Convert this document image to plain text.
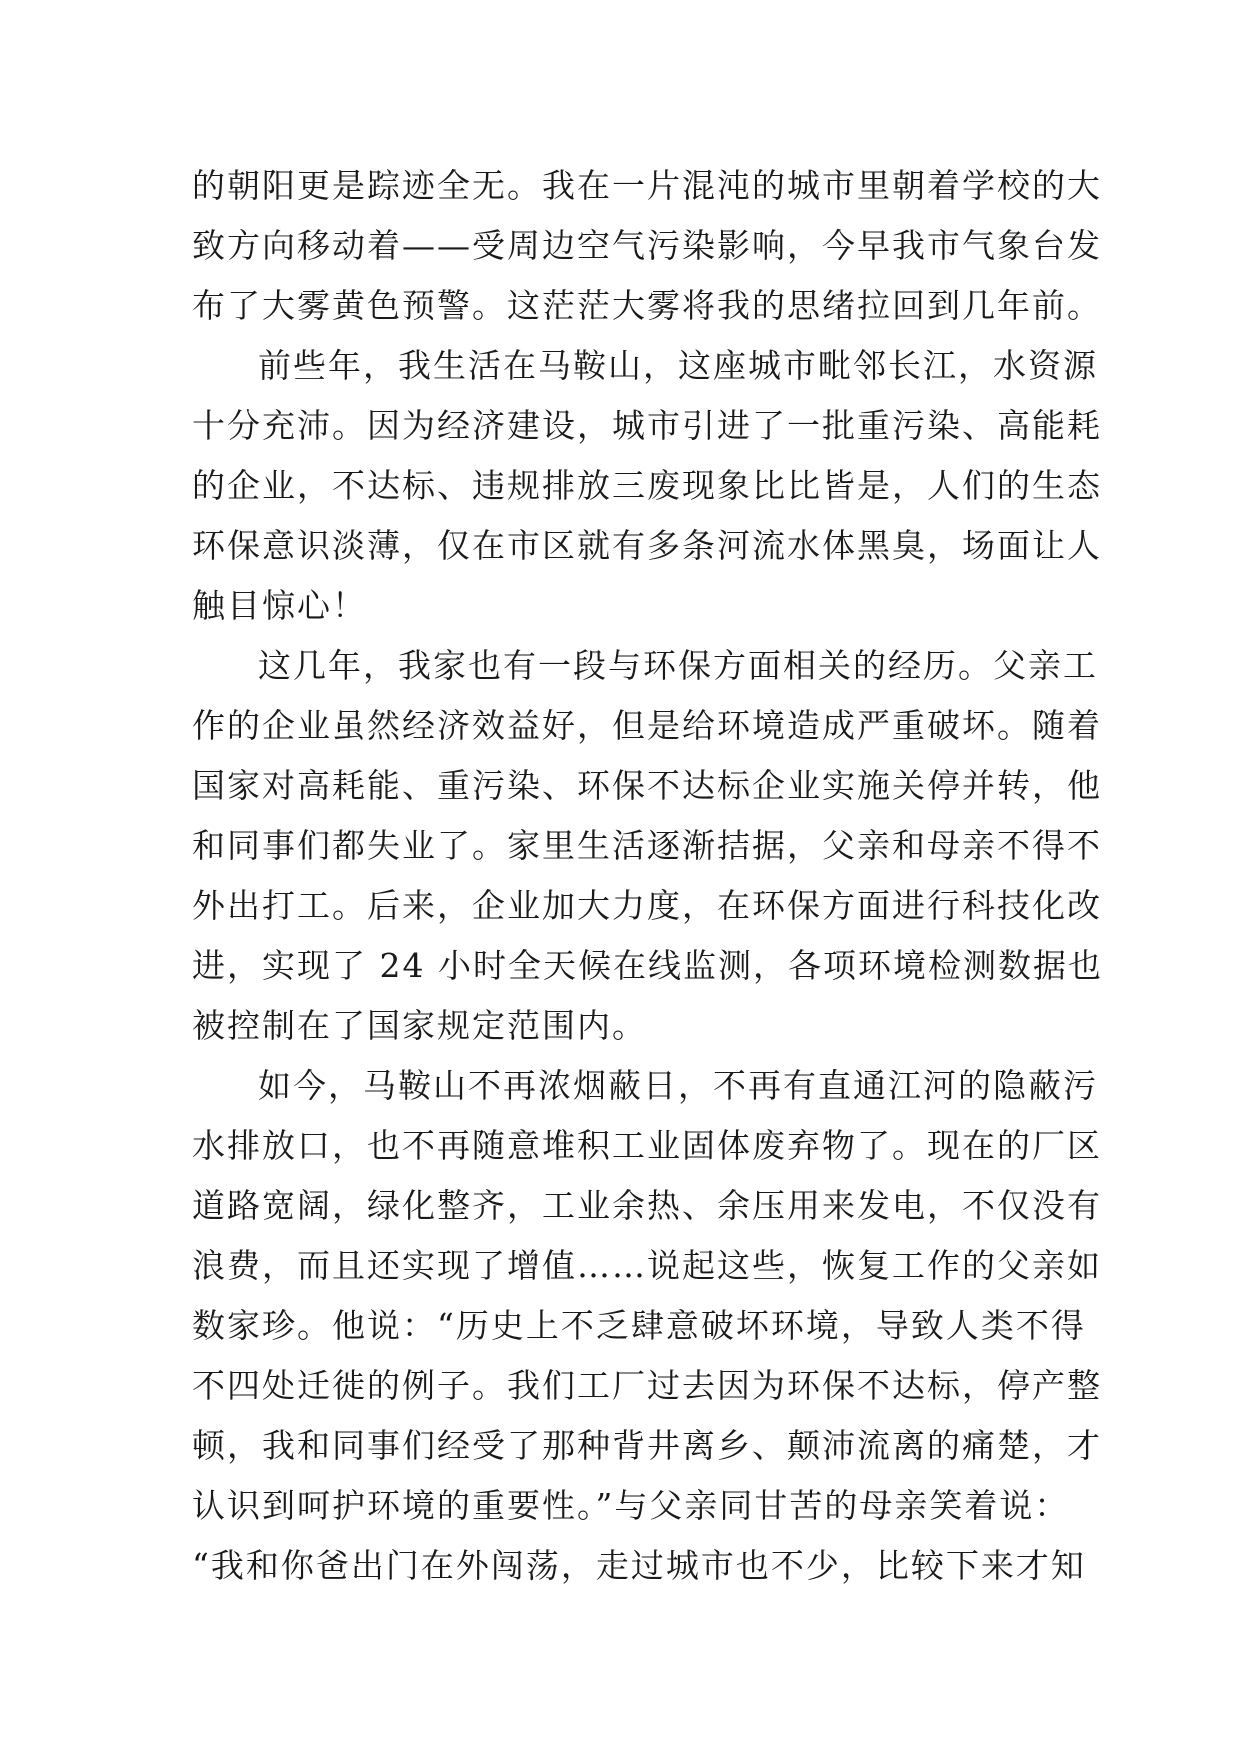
的朝阳更是踪迹全无。我在一片混沌的城市里朝着学校的大
致方向移动着——受周边空气污染影响，今早我市气象台发
布了大雾黄色预警。这茫茫大雾将我的思绪拉回到几年前。
前些年，我生活在马鞍山，这座城市毗邻长江，水资源
十分充沛。因为经济建设，城市引进了一批重污染、高能耗
的企业，不达标、违规排放三废现象比比皆是，人们的生态
环保意识淡薄，仅在市区就有多条河流水体黑臭，场面让人
触目惊心！
这几年，我家也有一段与环保方面相关的经历。父亲工
作的企业虽然经济效益好，但是给环境造成严重破坏。随着
国家对高耗能、重污染、环保不达标企业实施关停并转，他
和同事们都失业了。家里生活逐渐拮据，父亲和母亲不得不
外出打工。后来，企业加大力度，在环保方面进行科技化改
进，实现了 24 小时全天候在线监测，各项环境检测数据也
被控制在了国家规定范围内。
如今，马鞍山不再浓烟蔽日，不再有直通江河的隐蔽污
水排放口，也不再随意堆积工业固体废弃物了。现在的厂区
道路宽阔，绿化整齐，工业余热、余压用来发电，不仅没有
浪费，而且还实现了增值……说起这些，恢复工作的父亲如
数家珍。他说：“历史上不乏肆意破坏环境，导致人类不得
不四处迁徙的例子。我们工厂过去因为环保不达标，停产整
顿，我和同事们经受了那种背井离乡、颠沛流离的痛楚，才
认识到呵护环境的重要性。”与父亲同甘苦的母亲笑着说：
“我和你爸出门在外闯荡，走过城市也不少，比较下来才知
